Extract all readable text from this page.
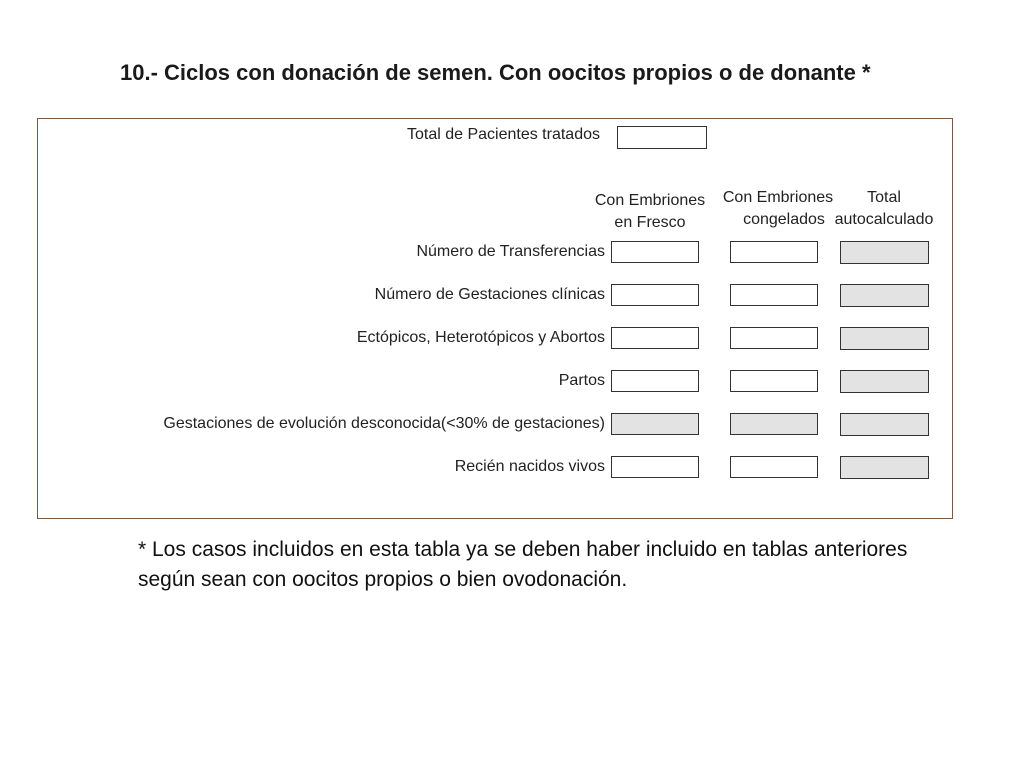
10.- Ciclos con donación de semen. Con oocitos propios o de donante *
Total de Pacientes tratados
Con Embriones
en Fresco
Con Embriones
congelados
Total
autocalculado
Número de Transferencias
Número de Gestaciones clínicas
Ectópicos, Heterotópicos y Abortos
Partos
Gestaciones de evolución desconocida(<30% de gestaciones)
Recién nacidos vivos
* Los casos incluidos en esta tabla ya se deben haber incluido en tablas anteriores según sean con oocitos propios o bien ovodonación.
